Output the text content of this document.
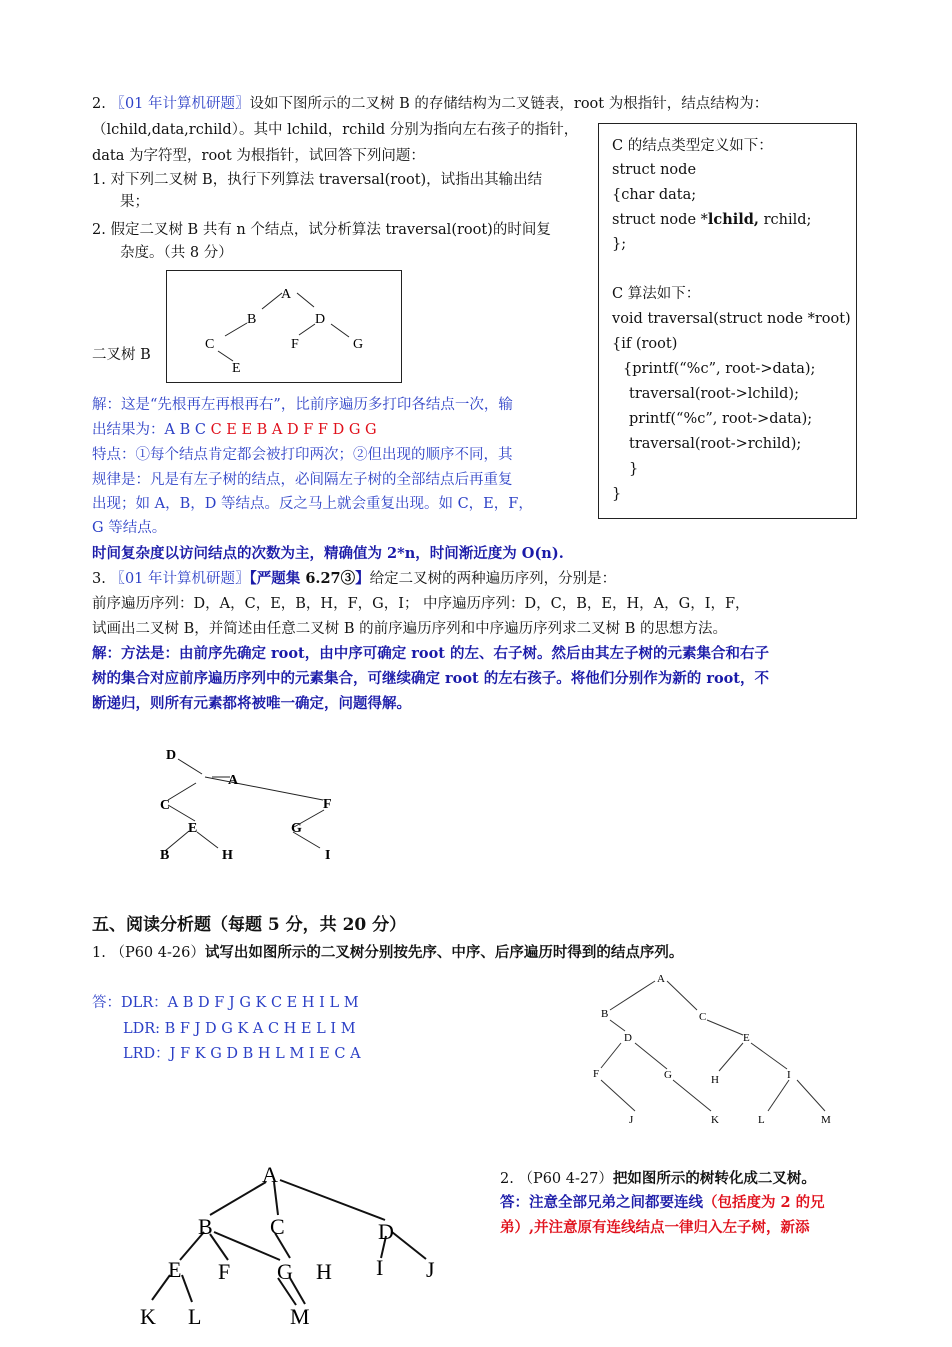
2. 〖01 年计算机研题〗设如下图所示的二叉树 B 的存储结构为二叉链表，root 为根指针，结点结构为：
（lchild,data,rchild）。其中 lchild，rchild 分别为指向左右孩子的指针，
data 为字符型，root 为根指针，试回答下列问题：
1. 对下列二叉树 B，执行下列算法 traversal(root)，试指出其输出结
果；
2. 假定二叉树 B 共有 n 个结点，试分析算法 traversal(root)的时间复
杂度。（共 8 分）
二叉树 B
A
B	D
C	F	G
E
解：这是“先根再左再根再右”，比前序遍历多打印各结点一次，输
出结果为：A B C C E E B A D F F D G G
特点：①每个结点肯定都会被打印两次；②但出现的顺序不同，其
规律是：凡是有左子树的结点，必间隔左子树的全部结点后再重复
出现；如 A，B，D 等结点。反之马上就会重复出现。如 C，E，F，
G 等结点。
时间复杂度以访问结点的次数为主，精确值为 2*n，时间渐近度为 O(n).
C 的结点类型定义如下：
struct node
{char data;
struct node *lchild, rchild;
};
C 算法如下：
void traversal(struct node *root)
{if (root)
{printf(“%c”, root->data);
traversal(root->lchild);
printf(“%c”, root->data);
traversal(root->rchild);
}
}
3. 〖01 年计算机研题〗【严题集 6.27③】给定二叉树的两种遍历序列，分别是：
前序遍历序列：D，A，C，E，B，H，F，G，I； 中序遍历序列：D，C，B，E，H，A，G，I，F，
试画出二叉树 B，并简述由任意二叉树 B 的前序遍历序列和中序遍历序列求二叉树 B 的思想方法。
解：方法是：由前序先确定 root，由中序可确定 root 的左、右子树。然后由其左子树的元素集合和右子
树的集合对应前序遍历序列中的元素集合，可继续确定 root 的左右孩子。将他们分别作为新的 root，不
断递归，则所有元素都将被唯一确定，问题得解。
D
A
C	F
E	G
B	H	I
五、阅读分析题（每题 5 分，共 20 分）
1. （P60 4-26）试写出如图所示的二叉树分别按先序、中序、后序遍历时得到的结点序列。
答：DLR：A B D F J G K C E H I L M
LDR: B F J D G K A C H E L I M
LRD：J F K G D B H L M I E C A
A
B	C
D	E
F	G	H	I
J	K	L	M
A
B	C	D
E F G H I J
K L	M
2. （P60 4-27）把如图所示的树转化成二叉树。
答：注意全部兄弟之间都要连线（包括度为 2 的兄
弟）,并注意原有连线结点一律归入左子树，新添
